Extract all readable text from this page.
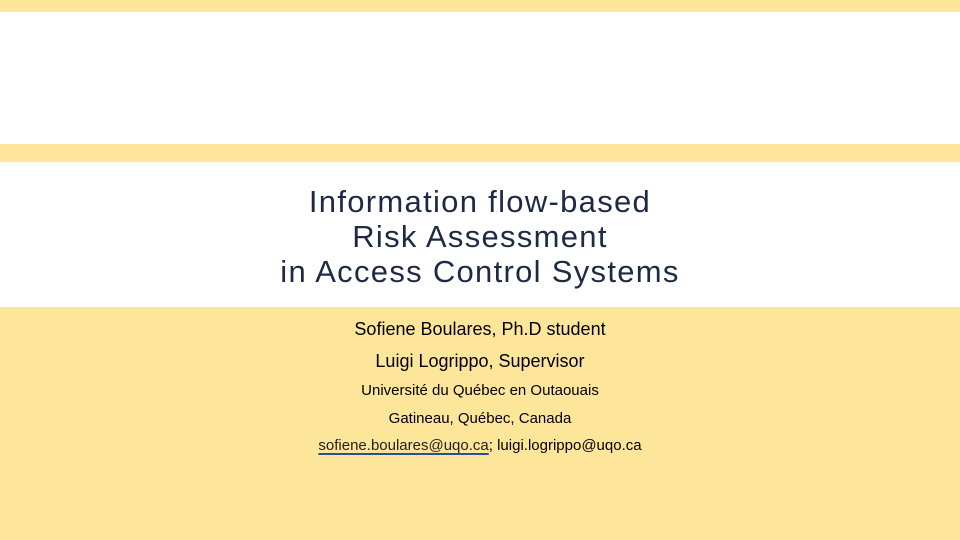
Information flow-based
Risk Assessment
in Access Control Systems
Sofiene Boulares, Ph.D student
Luigi Logrippo, Supervisor
Université du Québec en Outaouais
Gatineau, Québec, Canada
sofiene.boulares@uqo.ca; luigi.logrippo@uqo.ca
